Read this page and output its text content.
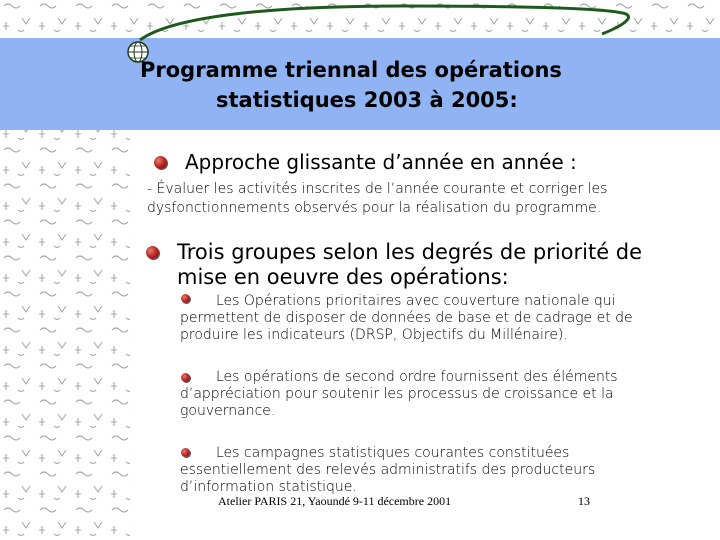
Programme triennal des opérations
statistiques 2003 à 2005:
Approche glissante d’année en année :
- Évaluer les activités inscrites de l’année courante et corriger les dysfonctionnements observés pour la réalisation du programme.
Trois groupes selon les degrés de priorité de mise en oeuvre des opérations:
Les Opérations prioritaires avec couverture nationale qui permettent de disposer de données de base et de cadrage et de produire les indicateurs (DRSP, Objectifs du Millénaire).
Les opérations de second ordre fournissent des éléments d’appréciation pour soutenir les processus de croissance et la gouvernance.
Les campagnes statistiques courantes constituées essentiellement des relevés administratifs des producteurs d’information statistique.
Atelier PARIS 21, Yaoundé 9-11 décembre 2001	13
